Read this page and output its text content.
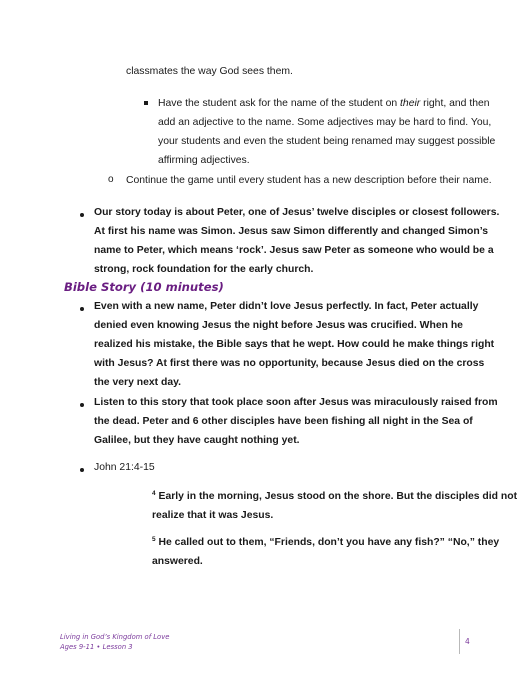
classmates the way God sees them.

Have the student ask for the name of the student on their right, and then
add an adjective to the name. Some adjectives may be hard to find. You,
your students and even the student being renamed may suggest possible
affirming adjectives.
o Continue the game until every student has a new description before their name.

Our story today is about Peter, one of Jesus’ twelve disciples or closest followers.
At first his name was Simon. Jesus saw Simon differently and changed Simon’s
name to Peter, which means ‘rock’. Jesus saw Peter as someone who would be a
strong, rock foundation for the early church.
Bible Story (10 minutes)
Even with a new name, Peter didn’t love Jesus perfectly. In fact, Peter actually
denied even knowing Jesus the night before Jesus was crucified. When he
realized his mistake, the Bible says that he wept. How could he make things right
with Jesus? At first there was no opportunity, because Jesus died on the cross
the very next day.
Listen to this story that took place soon after Jesus was miraculously raised from
the dead. Peter and 6 other disciples have been fishing all night in the Sea of
Galilee, but they have caught nothing yet.

John 21:4-15

$^4$ Early in the morning, Jesus stood on the shore. But the disciples did not
realize that it was Jesus.
$^5$ He called out to them, “Friends, don’t you have any fish?” “No,” they
answered.
Living in God’s Kingdom of Love
Ages 9-11 • Lesson 3
4
